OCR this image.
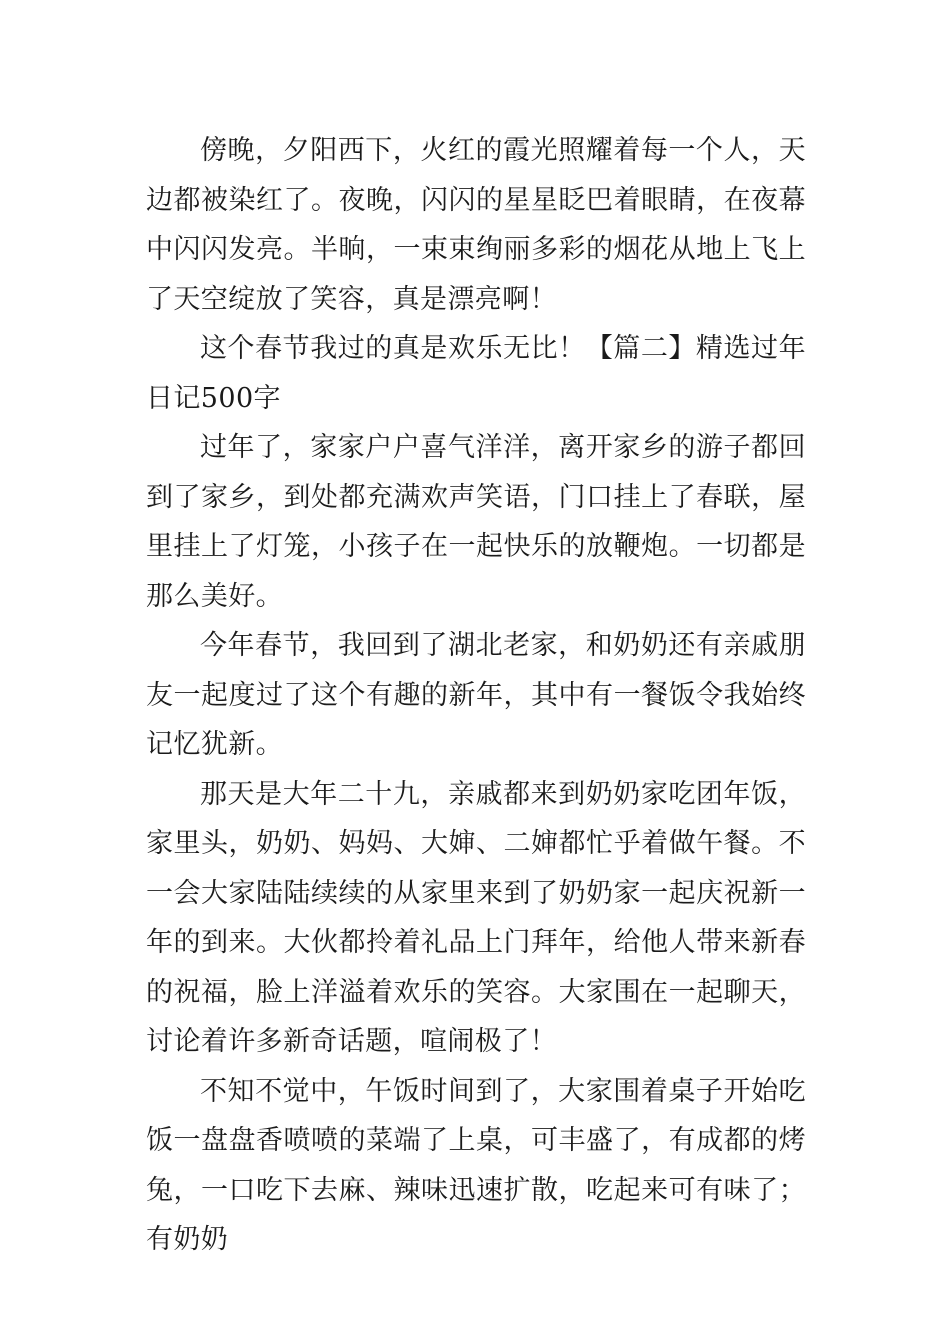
傍晚，夕阳西下，火红的霞光照耀着每一个人，天边都被染红了。夜晚，闪闪的星星眨巴着眼睛，在夜幕中闪闪发亮。半晌，一束束绚丽多彩的烟花从地上飞上了天空绽放了笑容，真是漂亮啊！

这个春节我过的真是欢乐无比！【篇二】精选过年日记500字

过年了，家家户户喜气洋洋，离开家乡的游子都回到了家乡，到处都充满欢声笑语，门口挂上了春联，屋里挂上了灯笼，小孩子在一起快乐的放鞭炮。一切都是那么美好。

今年春节，我回到了湖北老家，和奶奶还有亲戚朋友一起度过了这个有趣的新年，其中有一餐饭令我始终记忆犹新。

那天是大年二十九，亲戚都来到奶奶家吃团年饭，家里头，奶奶、妈妈、大婶、二婶都忙乎着做午餐。不一会大家陆陆续续的从家里来到了奶奶家一起庆祝新一年的到来。大伙都拎着礼品上门拜年，给他人带来新春的祝福，脸上洋溢着欢乐的笑容。大家围在一起聊天，讨论着许多新奇话题，喧闹极了！

不知不觉中，午饭时间到了，大家围着桌子开始吃饭一盘盘香喷喷的菜端了上桌，可丰盛了，有成都的烤兔，一口吃下去麻、辣味迅速扩散，吃起来可有味了；有奶奶
